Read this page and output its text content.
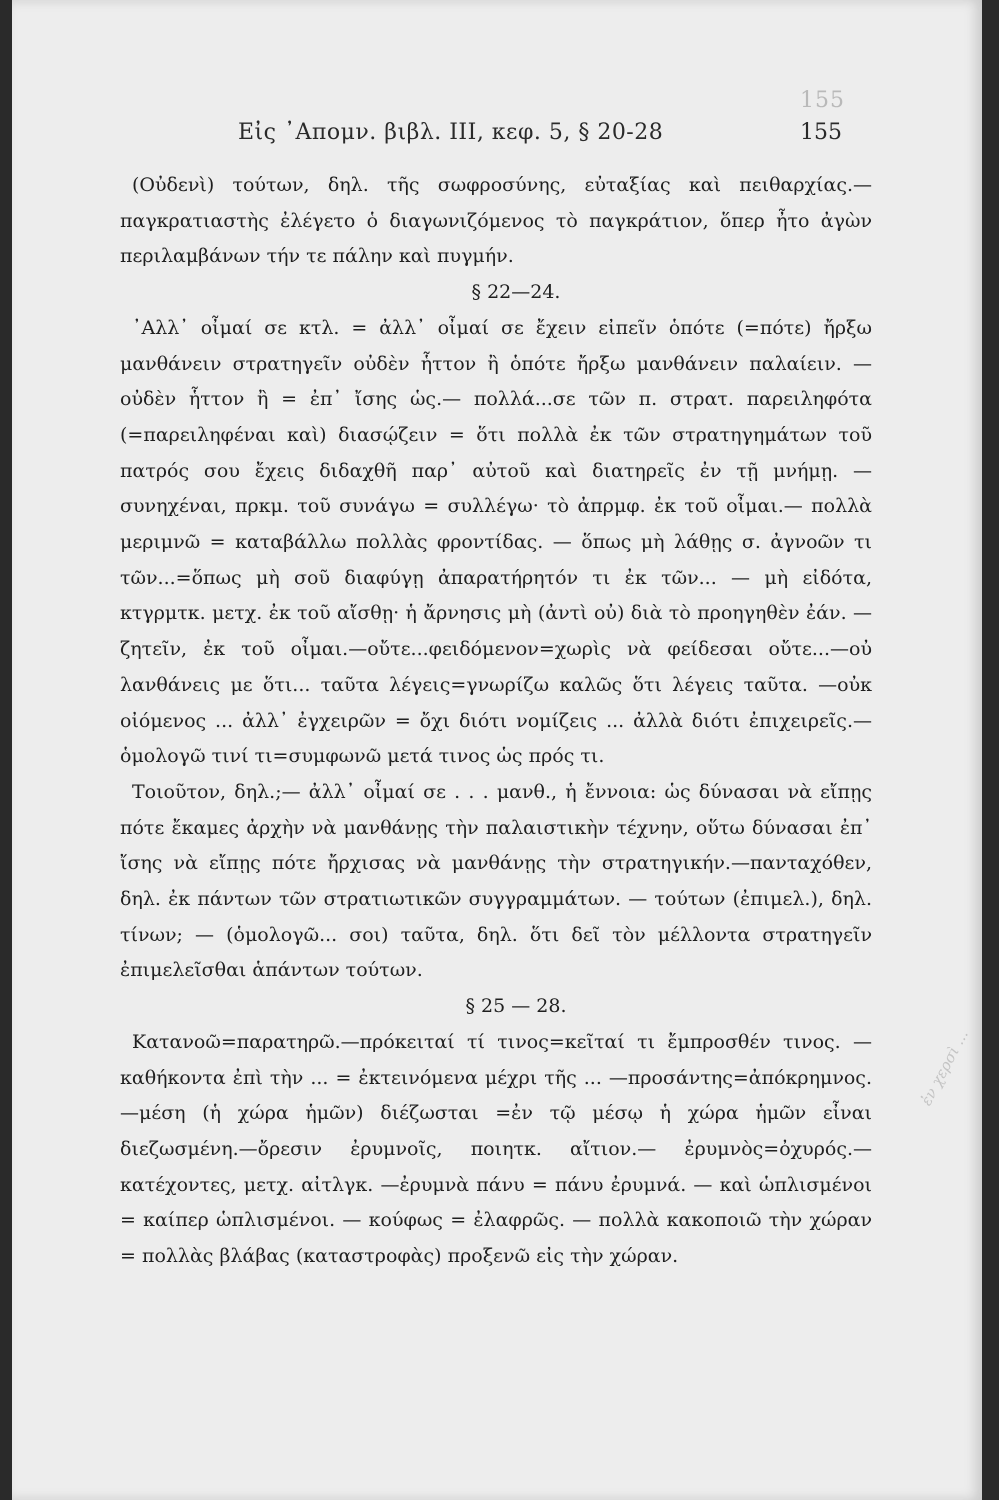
155
ἐν χερσὶ ...
Εἰς ᾿Απομν. βιβλ. III, κεφ. 5, § 20-28	155

(Οὐδενὶ) τούτων, δηλ. τῆς σωφροσύνης, εὐταξίας καὶ πειθαρχίας.—παγκρατιαστὴς ἐλέγετο ὁ διαγωνιζόμενος τὸ παγκράτιον, ὅπερ ἦτο ἀγὼν περιλαμβάνων τήν τε πάλην καὶ πυγμήν.

§ 22—24.

᾿Αλλ᾿ οἶμαί σε κτλ. = ἀλλ᾿ οἶμαί σε ἔχειν εἰπεῖν ὁπότε (=πότε) ἤρξω μανθάνειν στρατηγεῖν οὐδὲν ἧττον ἢ ὁπότε ἤρξω μανθάνειν παλαίειν. — οὐδὲν ἧττον ἢ = ἐπ᾿ ἴσης ὡς.— πολλά...σε τῶν π. στρατ. παρειληφότα (=παρειληφέναι καὶ) διασῴζειν = ὅτι πολλὰ ἐκ τῶν στρατηγημάτων τοῦ πατρός σου ἔχεις διδαχθῆ παρ᾿ αὐτοῦ καὶ διατηρεῖς ἐν τῇ μνήμῃ. — συνηχέναι, πρκμ. τοῦ συνάγω = συλλέγω· τὸ ἀπρμφ. ἐκ τοῦ οἶμαι.— πολλὰ μεριμνῶ = καταβάλλω πολλὰς φροντίδας. — ὅπως μὴ λάθῃς σ. ἀγνοῶν τι τῶν...=ὅπως μὴ σοῦ διαφύγῃ ἀπαρατήρητόν τι ἐκ τῶν... — μὴ εἰδότα, κτγρμτκ. μετχ. ἐκ τοῦ αἴσθῃ· ἡ ἄρνησις μὴ (ἀντὶ οὐ) διὰ τὸ προηγηθὲν ἐάν. — ζητεῖν, ἐκ τοῦ οἶμαι.—οὔτε...φειδόμενον=χωρὶς νὰ φείδεσαι οὔτε...—οὐ λανθάνεις με ὅτι... ταῦτα λέγεις=γνωρίζω καλῶς ὅτι λέγεις ταῦτα. —οὐκ οἰόμενος ... ἀλλ᾿ ἐγχειρῶν = ὄχι διότι νομίζεις ... ἀλλὰ διότι ἐπιχειρεῖς.—ὁμολογῶ τινί τι=συμφωνῶ μετά τινος ὡς πρός τι.

Τοιοῦτον, δηλ.;— ἀλλ᾿ οἶμαί σε . . . μανθ., ἡ ἔννοια: ὡς δύνασαι νὰ εἴπῃς πότε ἔκαμες ἀρχὴν νὰ μανθάνῃς τὴν παλαιστικὴν τέχνην, οὕτω δύνασαι ἐπ᾿ ἴσης νὰ εἴπῃς πότε ἤρχισας νὰ μανθάνῃς τὴν στρατηγικήν.—πανταχόθεν, δηλ. ἐκ πάντων τῶν στρατιωτικῶν συγγραμμάτων. — τούτων (ἐπιμελ.), δηλ. τίνων; — (ὁμολογῶ... σοι) ταῦτα, δηλ. ὅτι δεῖ τὸν μέλλοντα στρατηγεῖν ἐπιμελεῖσθαι ἁπάντων τούτων.

§ 25 — 28.

Κατανοῶ=παρατηρῶ.—πρόκειταί τί τινος=κεῖταί τι ἔμπροσθέν τινος. — καθήκοντα ἐπὶ τὴν ... = ἐκτεινόμενα μέχρι τῆς ... —προσάντης=ἀπόκρημνος.—μέση (ἡ χώρα ἡμῶν) διέζωσται =ἐν τῷ μέσῳ ἡ χώρα ἡμῶν εἶναι διεζωσμένη.—ὄρεσιν ἐρυμνοῖς, ποιητκ. αἴτιον.— ἐρυμνὸς=ὀχυρός.— κατέχοντες, μετχ. αἰτλγκ. —ἐρυμνὰ πάνυ = πάνυ ἐρυμνά. — καὶ ὡπλισμένοι = καίπερ ὡπλισμένοι. — κούφως = ἐλαφρῶς. — πολλὰ κακοποιῶ τὴν χώραν = πολλὰς βλάβας (καταστροφὰς) προξενῶ εἰς τὴν χώραν.
